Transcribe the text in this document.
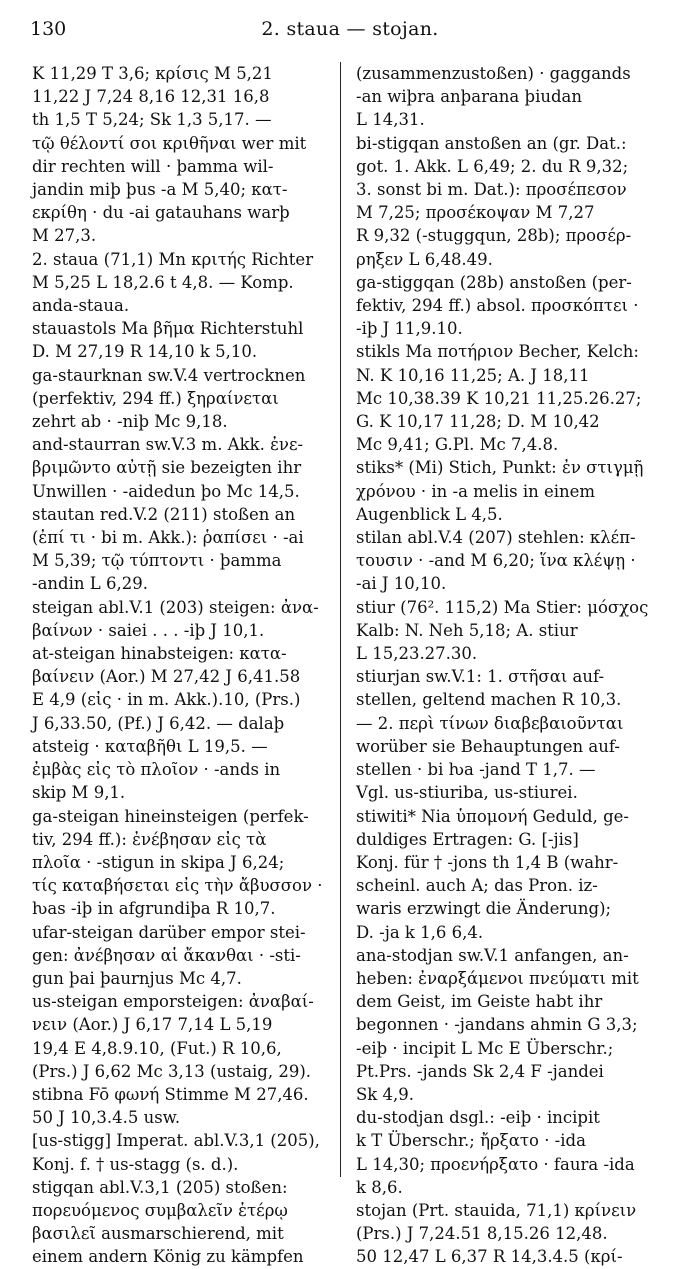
130	2. staua — stojan.
K 11,29 T 3,6; κρίσις M 5,21
11,22 J 7,24 8,16 12,31 16,8
th 1,5 T 5,24; Sk 1,3 5,17. —
τῷ θέλοντί σοι κριθῆναι wer mit
dir rechten will · þamma wil-
jandin miþ þus -a M 5,40; κατ-
εκρίθη · du -ai gatauhans warþ
M 27,3.
2. staua (71,1) Mn κριτής Richter
M 5,25 L 18,2.6 t 4,8. — Komp.
anda-staua.
stauastols Ma βῆμα Richterstuhl
D. M 27,19 R 14,10 k 5,10.
ga-staurknan sw.V.4 vertrocknen
(perfektiv, 294 ff.) ξηραίνεται
zehrt ab · -niþ Mc 9,18.
and-staurran sw.V.3 m. Akk. ἐνε-
βριμῶντο αὐτῇ sie bezeigten ihr
Unwillen · -aidedun þo Mc 14,5.
stautan red.V.2 (211) stoßen an
(ἐπί τι · bi m. Akk.): ῥαπίσει · -ai
M 5,39; τῷ τύπτοντι · þamma
-andin L 6,29.
steigan abl.V.1 (203) steigen: ἀνα-
βαίνων · saiei . . . -iþ J 10,1.
at-steigan hinabsteigen: κατα-
βαίνειν (Aor.) M 27,42 J 6,41.58
E 4,9 (εἰς · in m. Akk.).10, (Prs.)
J 6,33.50, (Pf.) J 6,42. — dalaþ
atsteig · καταβῆθι L 19,5. —
ἐμβὰς εἰς τὸ πλοῖον · -ands in
skip M 9,1.
ga-steigan hineinsteigen (perfek-
tiv, 294 ff.): ἐνέβησαν εἰς τὰ
πλοῖα · -stigun in skipa J 6,24;
τίς καταβήσεται εἰς τὴν ἄβυσσον ·
ƕas -iþ in afgrundiþa R 10,7.
ufar-steigan darüber empor stei-
gen: ἀνέβησαν αἱ ἄκανθαι · -sti-
gun þai þaurnjus Mc 4,7.
us-steigan emporsteigen: ἀναβαί-
νειν (Aor.) J 6,17 7,14 L 5,19
19,4 E 4,8.9.10, (Fut.) R 10,6,
(Prs.) J 6,62 Mc 3,13 (ustaig, 29).
stibna Fō φωνή Stimme M 27,46.
50 J 10,3.4.5 usw.
[us-stigg] Imperat. abl.V.3,1 (205),
Konj. f. † us-stagg (s. d.).
stigqan abl.V.3,1 (205) stoßen:
πορευόμενος συμβαλεῖν ἑτέρῳ
βασιλεῖ ausmarschierend, mit
einem andern König zu kämpfen
(zusammenzustoßen) · gaggands
-an wiþra anþarana þiudan
L 14,31.
bi-stigqan anstoßen an (gr. Dat.:
got. 1. Akk. L 6,49; 2. du R 9,32;
3. sonst bi m. Dat.): προσέπεσον
M 7,25; προσέκοψαν M 7,27
R 9,32 (-stuggqun, 28b); προσέρ-
ρηξεν L 6,48.49.
ga-stiggqan (28b) anstoßen (per-
fektiv, 294 ff.) absol. προσκόπτει ·
-iþ J 11,9.10.
stikls Ma ποτήριον Becher, Kelch:
N. K 10,16 11,25; A. J 18,11
Mc 10,38.39 K 10,21 11,25.26.27;
G. K 10,17 11,28; D. M 10,42
Mc 9,41; G.Pl. Mc 7,4.8.
stiks* (Mi) Stich, Punkt: ἐν στιγμῇ
χρόνου · in -a melis in einem
Augenblick L 4,5.
stilan abl.V.4 (207) stehlen: κλέπ-
τουσιν · -and M 6,20; ἵνα κλέψῃ ·
-ai J 10,10.
stiur (76². 115,2) Ma Stier: μόσχος
Kalb: N. Neh 5,18; A. stiur
L 15,23.27.30.
stiurjan sw.V.1: 1. στῆσαι auf-
stellen, geltend machen R 10,3.
— 2. περὶ τίνων διαβεβαιοῦνται
worüber sie Behauptungen auf-
stellen · bi ƕa -jand T 1,7. —
Vgl. us-stiuriba, us-stiurei.
stiwiti* Nia ὑπομονή Geduld, ge-
duldiges Ertragen: G. [-jis]
Konj. für † -jons th 1,4 B (wahr-
scheinl. auch A; das Pron. iz-
waris erzwingt die Änderung);
D. -ja k 1,6 6,4.
ana-stodjan sw.V.1 anfangen, an-
heben: ἐναρξάμενοι πνεύματι mit
dem Geist, im Geiste habt ihr
begonnen · -jandans ahmin G 3,3;
-eiþ · incipit L Mc E Überschr.;
Pt.Prs. -jands Sk 2,4 F -jandei
Sk 4,9.
du-stodjan dsgl.: -eiþ · incipit
k T Überschr.; ἤρξατο · -ida
L 14,30; προενήρξατο · faura -ida
k 8,6.
stojan (Prt. stauida, 71,1) κρίνειν
(Prs.) J 7,24.51 8,15.26 12,48.
50 12,47 L 6,37 R 14,3.4.5 (κρί-
